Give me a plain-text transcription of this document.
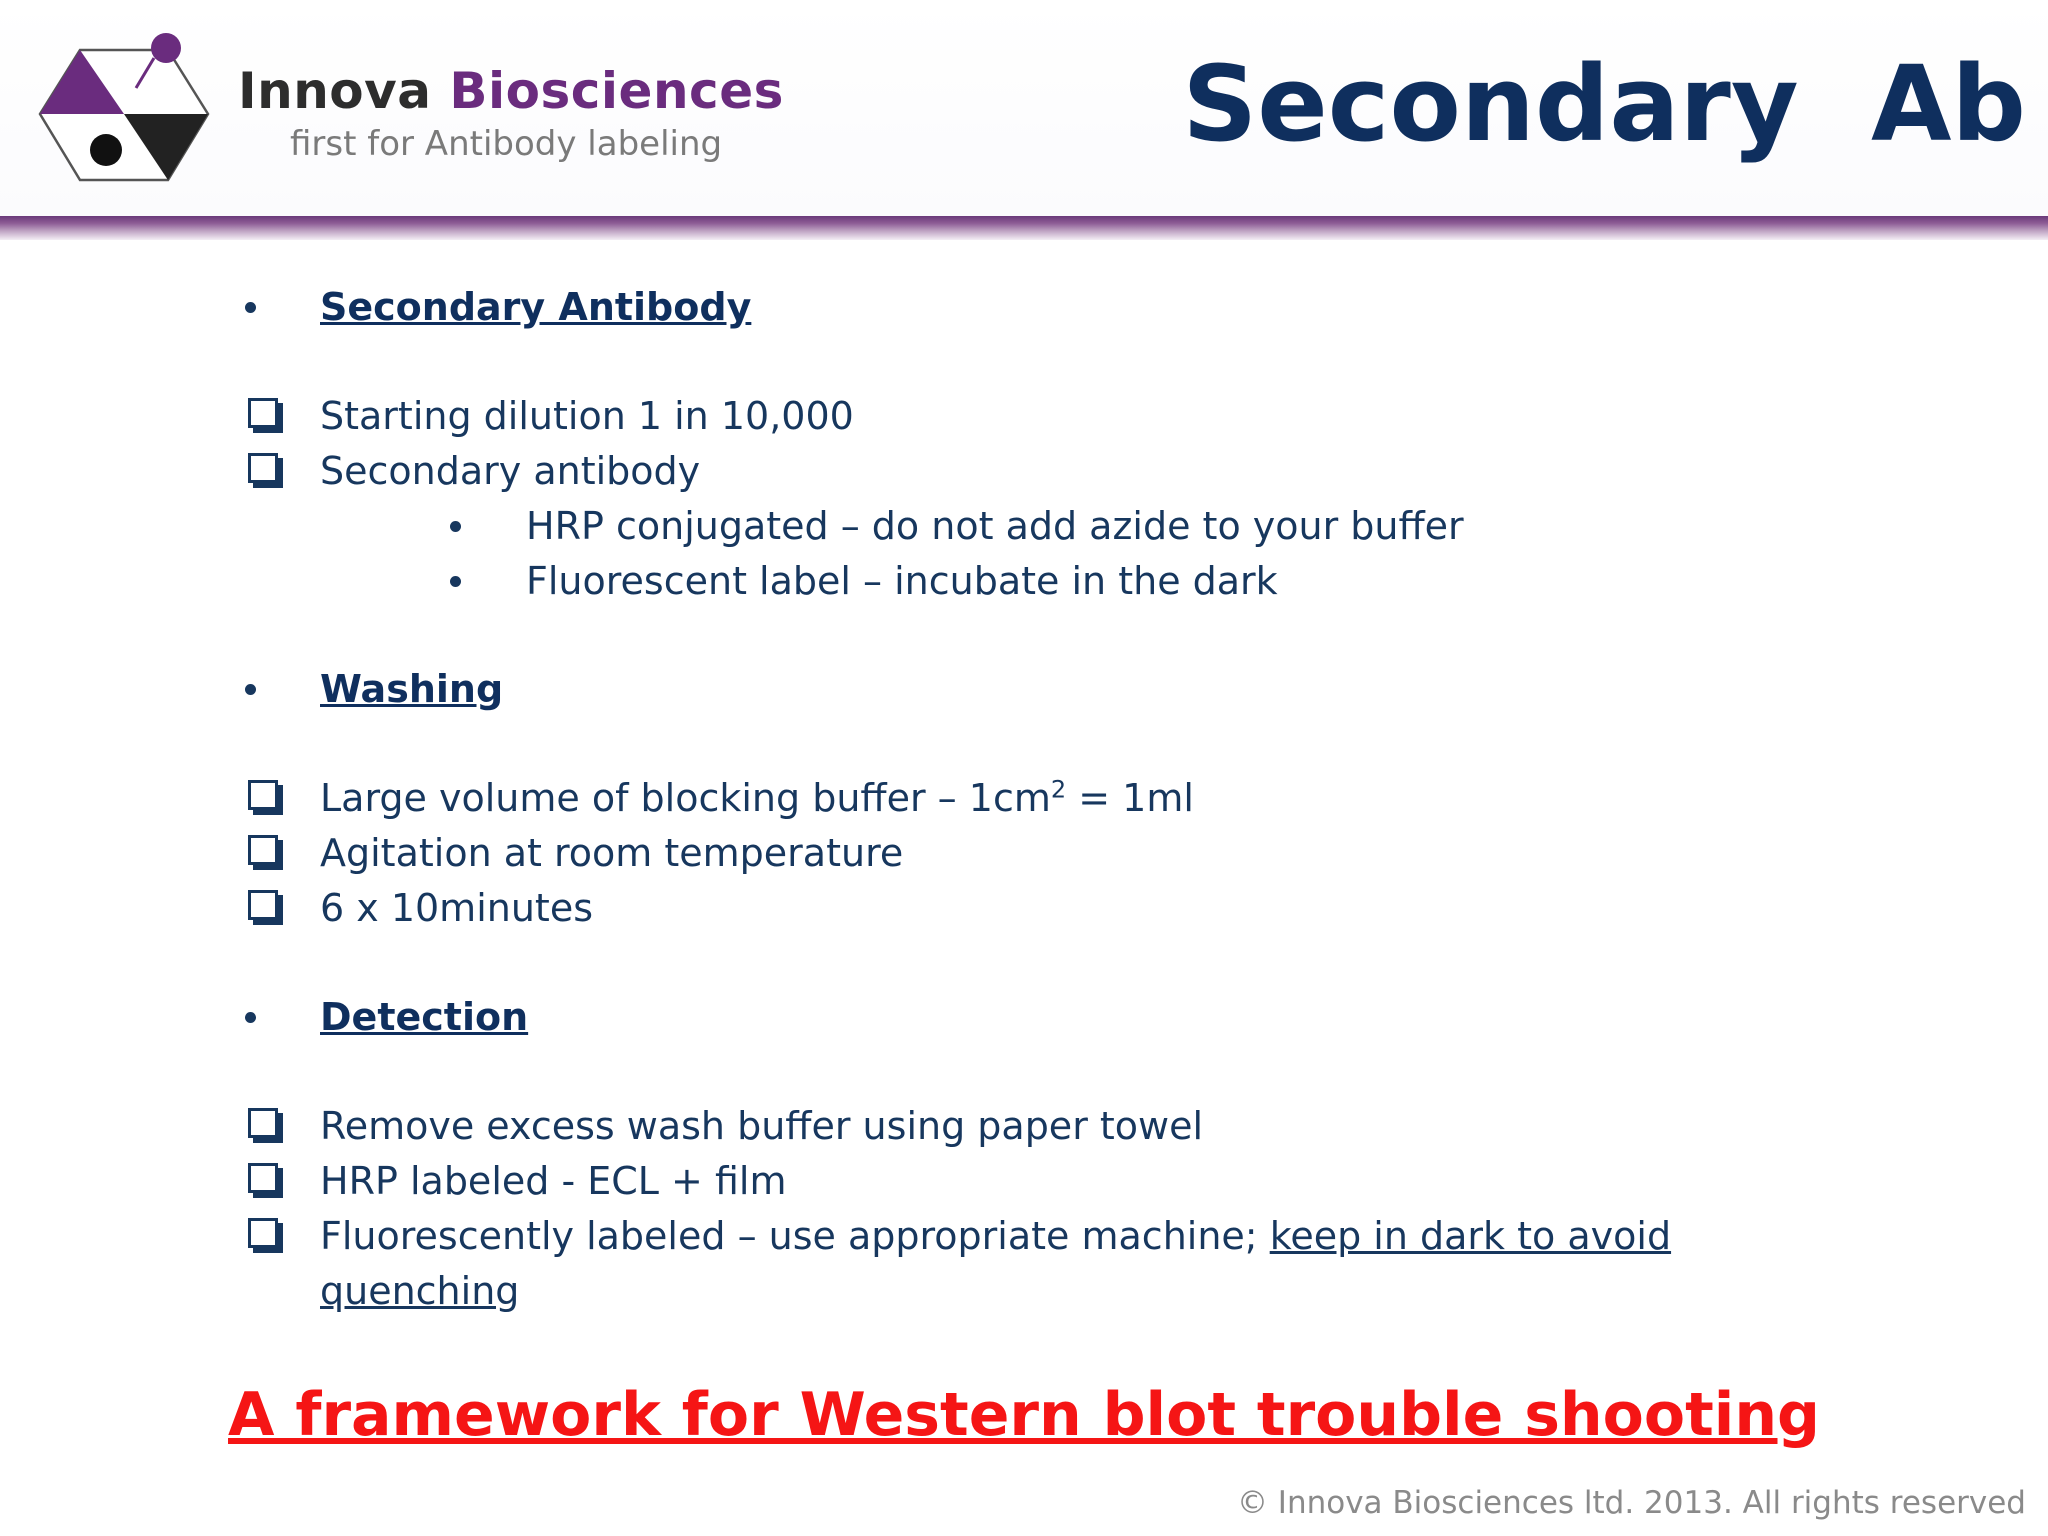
Innova Biosciences
first for Antibody labeling	Secondary  Ab
Secondary Antibody
Starting dilution 1 in 10,000
Secondary antibody
HRP conjugated – do not add azide to your buffer
Fluorescent label – incubate in the dark
Washing
Large volume of blocking buffer – $1cm^2 = 1ml$
Agitation at room temperature
6 x 10minutes
Detection
Remove excess wash buffer using paper towel
HRP labeled - ECL + film
Fluorescently labeled – use appropriate machine; keep in dark to avoid
quenching
A framework for Western blot trouble shooting
© Innova Biosciences ltd. 2013. All rights reserved
